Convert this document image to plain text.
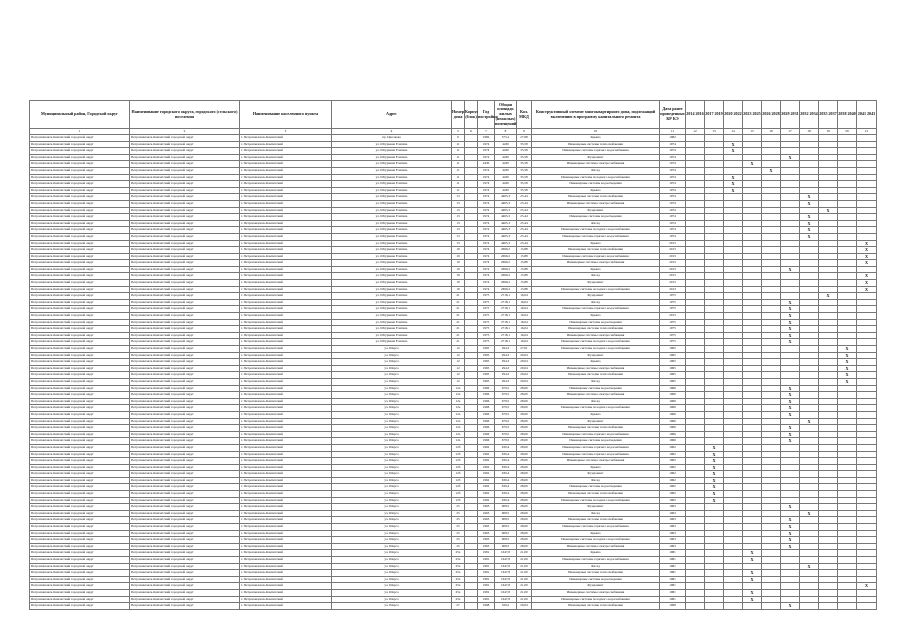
Муниципальный район, Городской округ	Наименование городского округа, городского (сельского) поселения	Наименование населенного пункта	Адрес	Номер дома	Корпус (блок)	Год постройки	Общая площадь жилых (нежилых) помещений	Кол. МКД	Конструктивный элемент многоквартирного дома, подлежащий включению в программу капитального ремонта	Дата ранее проведенных КР КЭ	2014 2016	2017 2019	2020 2022	2023 2025	2026 2028	2029 2031	2032 2034	2035 2037	2038 2040	2041 2043
1	2	3	4	5	6	7	8	9	10	11	12	13	14	15	16	17	18	19	20	21
Петропавловск-Камчатский городской округ	Петропавловск-Камчатский городской округ	г. Петропавловск-Камчатский	пр. Циолкова	9		1982	375,2	27,68	Крыша	1982										
Петропавловск-Камчатский городской округ	Петропавловск-Камчатский городской округ	г. Петропавловск-Камчатский	ул. Штурмана Елагина	11		1974	4430	35,58	Инженерные системы теплоснабжения	1974			X							
Петропавловск-Камчатский городской округ	Петропавловск-Камчатский городской округ	г. Петропавловск-Камчатский	ул. Штурмана Елагина	11		1974	4430	35,58	Инженерные системы горячего водоснабжения	1974			X							
Петропавловск-Камчатский городской округ	Петропавловск-Камчатский городской округ	г. Петропавловск-Камчатский	ул. Штурмана Елагина	11		1974	4430	35,58	Фундамент	1974						X				
Петропавловск-Камчатский городской округ	Петропавловск-Камчатский городской округ	г. Петропавловск-Камчатский	ул. Штурмана Елагина	11		4430	4430	35,58	Инженерные системы электроснабжения	1974				X						
Петропавловск-Камчатский городской округ	Петропавловск-Камчатский городской округ	г. Петропавловск-Камчатский	ул. Штурмана Елагина	11		1974	4430	35,58	Фасад	1974					X					
Петропавловск-Камчатский городской округ	Петропавловск-Камчатский городской округ	г. Петропавловск-Камчатский	ул. Штурмана Елагина	11		1974	4430	35,58	Инженерные системы холодного водоснабжения	1974			X							
Петропавловск-Камчатский городской округ	Петропавловск-Камчатский городской округ	г. Петропавловск-Камчатский	ул. Штурмана Елагина	11		1974	4430	35,58	Инженерные системы водоотведения	1974			X							
Петропавловск-Камчатский городской округ	Петропавловск-Камчатский городской округ	г. Петропавловск-Камчатский	ул. Штурмана Елагина	11		1974	4430	35,58	Крыша	1974			X							
Петропавловск-Камчатский городской округ	Петропавловск-Камчатский городской округ	г. Петропавловск-Камчатский	ул. Штурмана Елагина	13		1974	4465,3	25,44	Инженерные системы теплоснабжения	1974							X			
Петропавловск-Камчатский городской округ	Петропавловск-Камчатский городской округ	г. Петропавловск-Камчатский	ул. Штурмана Елагина	13		1974	4465,3	25,44	Инженерные системы электроснабжения	1974							X			
Петропавловск-Камчатский городской округ	Петропавловск-Камчатский городской округ	г. Петропавловск-Камчатский	ул. Штурмана Елагина	13		1974	4465,3	25,44	Фундамент	1974								X		
Петропавловск-Камчатский городской округ	Петропавловск-Камчатский городской округ	г. Петропавловск-Камчатский	ул. Штурмана Елагина	13		1974	4465,3	25,44	Инженерные системы водоотведения	1974							X			
Петропавловск-Камчатский городской округ	Петропавловск-Камчатский городской округ	г. Петропавловск-Камчатский	ул. Штурмана Елагина	13		1974	4465,3	25,44	Фасад	1974							X			
Петропавловск-Камчатский городской округ	Петропавловск-Камчатский городской округ	г. Петропавловск-Камчатский	ул. Штурмана Елагина	13		1974	4465,3	25,44	Инженерные системы холодного водоснабжения	1974							X			
Петропавловск-Камчатский городской округ	Петропавловск-Камчатский городской округ	г. Петропавловск-Камчатский	ул. Штурмана Елагина	13		1974	4465,3	25,44	Инженерные системы горячего водоснабжения	1974							X			
Петропавловск-Камчатский городской округ	Петропавловск-Камчатский городской округ	г. Петропавловск-Камчатский	ул. Штурмана Елагина	13		1974	4465,3	25,44	Крыша	2013										X
Петропавловск-Камчатский городской округ	Петропавловск-Камчатский городской округ	г. Петропавловск-Камчатский	ул. Штурмана Елагина	19		1974	2690,2	15,88	Инженерные системы теплоснабжения	2013										X
Петропавловск-Камчатский городской округ	Петропавловск-Камчатский городской округ	г. Петропавловск-Камчатский	ул. Штурмана Елагина	19		1974	2690,2	15,88	Инженерные системы горячего водоснабжения	2013										X
Петропавловск-Камчатский городской округ	Петропавловск-Камчатский городской округ	г. Петропавловск-Камчатский	ул. Штурмана Елагина	19		1974	2690,2	15,88	Инженерные системы электроснабжения	2013										X
Петропавловск-Камчатский городской округ	Петропавловск-Камчатский городской округ	г. Петропавловск-Камчатский	ул. Штурмана Елагина	19		1974	2690,2	15,88	Крыша	2013						X				
Петропавловск-Камчатский городской округ	Петропавловск-Камчатский городской округ	г. Петропавловск-Камчатский	ул. Штурмана Елагина	19		1974	2690,2	15,88	Фасад	2013										X
Петропавловск-Камчатский городской округ	Петропавловск-Камчатский городской округ	г. Петропавловск-Камчатский	ул. Штурмана Елагина	19		1974	2690,2	15,88	Фундамент	2013										X
Петропавловск-Камчатский городской округ	Петропавловск-Камчатский городской округ	г. Петропавловск-Камчатский	ул. Штурмана Елагина	19		1974	2690,2	15,88	Инженерные системы холодного водоснабжения	2013										X
Петропавловск-Камчатский городской округ	Петропавловск-Камчатский городской округ	г. Петропавловск-Камчатский	ул. Штурмана Елагина	21		1975	2718,1	16,04	Фундамент	1975								X		
Петропавловск-Камчатский городской округ	Петропавловск-Камчатский городской округ	г. Петропавловск-Камчатский	ул. Штурмана Елагина	21		1975	2718,1	16,04	Фасад	1975						X				
Петропавловск-Камчатский городской округ	Петропавловск-Камчатский городской округ	г. Петропавловск-Камчатский	ул. Штурмана Елагина	21		1975	2718,1	16,04	Инженерные системы горячего водоснабжения	1975						X				
Петропавловск-Камчатский городской округ	Петропавловск-Камчатский городской округ	г. Петропавловск-Камчатский	ул. Штурмана Елагина	21		1975	2718,1	16,04	Крыша	2013						X				
Петропавловск-Камчатский городской округ	Петропавловск-Камчатский городской округ	г. Петропавловск-Камчатский	ул. Штурмана Елагина	21		1975	2718,1	16,04	Инженерные системы водоотведения	1975						X				
Петропавловск-Камчатский городской округ	Петропавловск-Камчатский городской округ	г. Петропавловск-Камчатский	ул. Штурмана Елагина	21		1975	2718,1	16,04	Инженерные системы теплоснабжения	1975						X				
Петропавловск-Камчатский городской округ	Петропавловск-Камчатский городской округ	г. Петропавловск-Камчатский	ул. Штурмана Елагина	21		1975	2718,1	16,04	Инженерные системы электроснабжения	1975						X				
Петропавловск-Камчатский городской округ	Петропавловск-Камчатский городской округ	г. Петропавловск-Камчатский	ул. Штурмана Елагина	21		1975	2718,1	16,04	Инженерные системы холодного водоснабжения	1975						X				
Петропавловск-Камчатский городской округ	Петропавловск-Камчатский городской округ	г. Петропавловск-Камчатский	ул. Шарса	12		1965	294,3	27,01	Инженерные системы холодного водоснабжения	1965									X	
Петропавловск-Камчатский городской округ	Петропавловск-Камчатский городской округ	г. Петропавловск-Камчатский	ул. Шарса	12		1965	294,3	29,04	Фундамент	1965									X	
Петропавловск-Камчатский городской округ	Петропавловск-Камчатский городской округ	г. Петропавловск-Камчатский	ул. Шарса	12		1965	294,3	29,04	Крыша	1965									X	
Петропавловск-Камчатский городской округ	Петропавловск-Камчатский городской округ	г. Петропавловск-Камчатский	ул. Шарса	12		1965	294,3	29,04	Инженерные системы электроснабжения	1965									X	
Петропавловск-Камчатский городской округ	Петропавловск-Камчатский городской округ	г. Петропавловск-Камчатский	ул. Шарса	12		1965	294,3	29,04	Инженерные системы теплоснабжения	1965									X	
Петропавловск-Камчатский городской округ	Петропавловск-Камчатский городской округ	г. Петропавловск-Камчатский	ул. Шарса	12		1965	294,3	29,04	Фасад	1965									X	
Петропавловск-Камчатский городской округ	Петропавловск-Камчатский городской округ	г. Петропавловск-Камчатский	ул. Шарса	12а		1966	679,5	28,00	Инженерные системы водоотведения	1966						X				
Петропавловск-Камчатский городской округ	Петропавловск-Камчатский городской округ	г. Петропавловск-Камчатский	ул. Шарса	12а		1966	679,5	28,00	Инженерные системы электроснабжения	1966						X				
Петропавловск-Камчатский городской округ	Петропавловск-Камчатский городской округ	г. Петропавловск-Камчатский	ул. Шарса	12а		1966	679,5	28,00	Фасад	1966						X				
Петропавловск-Камчатский городской округ	Петропавловск-Камчатский городской округ	г. Петропавловск-Камчатский	ул. Шарса	12а		1966	679,5	28,00	Инженерные системы холодного водоснабжения	1966						X				
Петропавловск-Камчатский городской округ	Петропавловск-Камчатский городской округ	г. Петропавловск-Камчатский	ул. Шарса	12а		1966	679,5	28,00	Крыша	1966						X				
Петропавловск-Камчатский городской округ	Петропавловск-Камчатский городской округ	г. Петропавловск-Камчатский	ул. Шарса	12а		1966	679,5	28,00	Фундамент	1966							X			
Петропавловск-Камчатский городской округ	Петропавловск-Камчатский городской округ	г. Петропавловск-Камчатский	ул. Шарса	12а		1966	679,5	28,00	Инженерные системы теплоснабжения	1966						X				
Петропавловск-Камчатский городской округ	Петропавловск-Камчатский городской округ	г. Петропавловск-Камчатский	ул. Шарса	12а		1966	679,5	28,00	Инженерные системы горячего водоснабжения	1966						X				
Петропавловск-Камчатский городской округ	Петропавловск-Камчатский городской округ	г. Петропавловск-Камчатский	ул. Шарса	12а		1966	679,5	28,00	Инженерные системы водоотведения	1966						X				
Петропавловск-Камчатский городской округ	Петропавловск-Камчатский городской округ	г. Петропавловск-Камчатский	ул. Шарса	12б		1962	630,4	28,00	Инженерные системы горячего водоснабжения	1962		X								
Петропавловск-Камчатский городской округ	Петропавловск-Камчатский городской округ	г. Петропавловск-Камчатский	ул. Шарса	12б		1962	630,4	28,00	Инженерные системы горячего водоснабжения	1962		X								
Петропавловск-Камчатский городской округ	Петропавловск-Камчатский городской округ	г. Петропавловск-Камчатский	ул. Шарса	12б		1962	630,4	28,00	Инженерные системы электроснабжения	1962		X								
Петропавловск-Камчатский городской округ	Петропавловск-Камчатский городской округ	г. Петропавловск-Камчатский	ул. Шарса	12б		1962	630,4	28,00	Крыша	1962		X								
Петропавловск-Камчатский городской округ	Петропавловск-Камчатский городской округ	г. Петропавловск-Камчатский	ул. Шарса	12б		1962	630,4	28,00	Фундамент	1962		X								
Петропавловск-Камчатский городской округ	Петропавловск-Камчатский городской округ	г. Петропавловск-Камчатский	ул. Шарса	12б		1962	630,4	28,00	Фасад	1962		X								
Петропавловск-Камчатский городской округ	Петропавловск-Камчатский городской округ	г. Петропавловск-Камчатский	ул. Шарса	12б		1962	630,4	28,00	Инженерные системы водоотведения	1962		X								
Петропавловск-Камчатский городской округ	Петропавловск-Камчатский городской округ	г. Петропавловск-Камчатский	ул. Шарса	12б		1962	630,4	28,00	Инженерные системы теплоснабжения	1962		X								
Петропавловск-Камчатский городской округ	Петропавловск-Камчатский городской округ	г. Петропавловск-Камчатский	ул. Шарса	12б		1962	630,4	28,00	Инженерные системы холодного водоснабжения	1962		X								
Петропавловск-Камчатский городской округ	Петропавловск-Камчатский городской округ	г. Петропавловск-Камчатский	ул. Шарса	25		1963	908,5	28,00	Фундамент	1963						X				
Петропавловск-Камчатский городской округ	Петропавловск-Камчатский городской округ	г. Петропавловск-Камчатский	ул. Шарса	25		1963	908,5	28,00	Фасад	1963							X			
Петропавловск-Камчатский городской округ	Петропавловск-Камчатский городской округ	г. Петропавловск-Камчатский	ул. Шарса	25		1963	908,5	28,00	Инженерные системы теплоснабжения	1963						X				
Петропавловск-Камчатский городской округ	Петропавловск-Камчатский городской округ	г. Петропавловск-Камчатский	ул. Шарса	25		1963	908,5	28,00	Инженерные системы горячего водоснабжения	1963						X				
Петропавловск-Камчатский городской округ	Петропавловск-Камчатский городской округ	г. Петропавловск-Камчатский	ул. Шарса	25		1963	908,5	28,00	Крыша	1963						X				
Петропавловск-Камчатский городской округ	Петропавловск-Камчатский городской округ	г. Петропавловск-Камчатский	ул. Шарса	25		1963	908,5	28,00	Инженерные системы холодного водоснабжения	1963						X				
Петропавловск-Камчатский городской округ	Петропавловск-Камчатский городской округ	г. Петропавловск-Камчатский	ул. Шарса	25		1963	908,5	28,00	Инженерные системы электроснабжения	1963						X				
Петропавловск-Камчатский городской округ	Петропавловск-Камчатский городской округ	г. Петропавловск-Камчатский	ул. Шарса	25а		1981	1647,8	21,00	Крыша	1981				X						
Петропавловск-Камчатский городской округ	Петропавловск-Камчатский городской округ	г. Петропавловск-Камчатский	ул. Шарса	25а		1981	1647,8	21,00	Инженерные системы горячего водоснабжения	1981				X						
Петропавловск-Камчатский городской округ	Петропавловск-Камчатский городской округ	г. Петропавловск-Камчатский	ул. Шарса	25а		1981	1647,8	21,00	Фасад	1981							X			
Петропавловск-Камчатский городской округ	Петропавловск-Камчатский городской округ	г. Петропавловск-Камчатский	ул. Шарса	25а		1981	1647,8	21,00	Инженерные системы теплоснабжения	1981				X						
Петропавловск-Камчатский городской округ	Петропавловск-Камчатский городской округ	г. Петропавловск-Камчатский	ул. Шарса	25а		1981	1647,8	21,00	Инженерные системы водоотведения	1981				X						
Петропавловск-Камчатский городской округ	Петропавловск-Камчатский городской округ	г. Петропавловск-Камчатский	ул. Шарса	25а		1981	1647,8	21,00	Фундамент	1981										X
Петропавловск-Камчатский городской округ	Петропавловск-Камчатский городской округ	г. Петропавловск-Камчатский	ул. Шарса	25а		1981	1647,8	21,00	Инженерные системы электроснабжения	1981				X						
Петропавловск-Камчатский городской округ	Петропавловск-Камчатский городской округ	г. Петропавловск-Камчатский	ул. Шарса	25а		1981	1647,8	21,00	Инженерные системы холодного водоснабжения	1981				X						
Петропавловск-Камчатский городской округ	Петропавловск-Камчатский городской округ	г. Петропавловск-Камчатский	ул. Шарса	27		1968	326,2	29,04	Инженерные системы теплоснабжения	1968						X				
